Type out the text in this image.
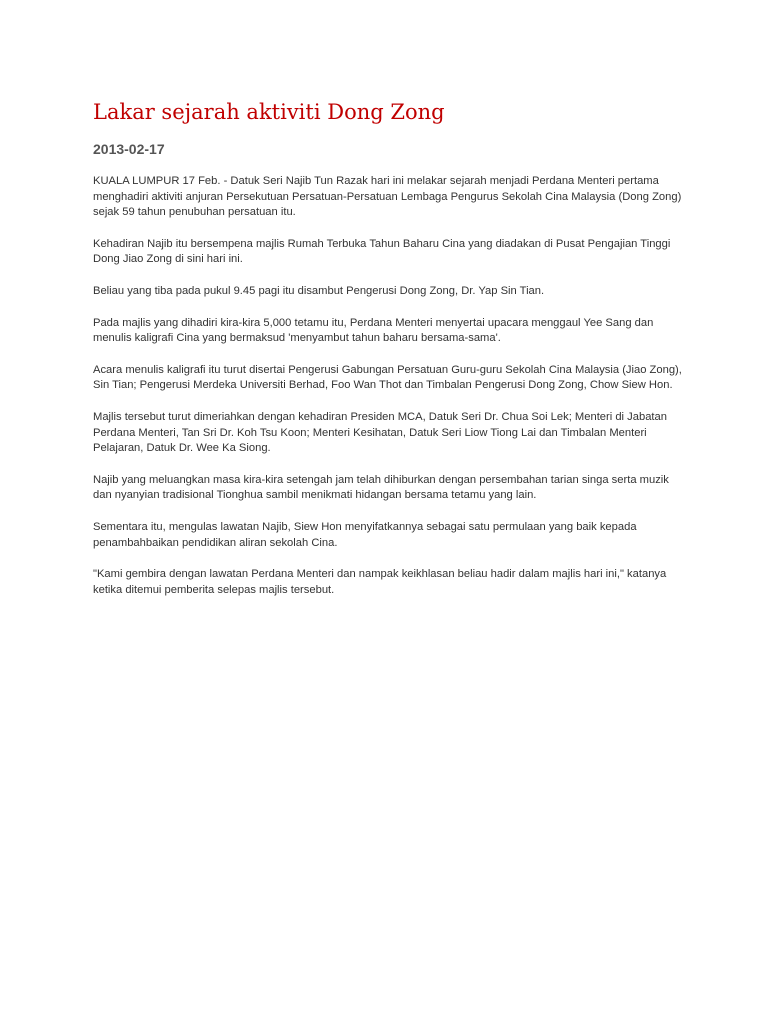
Lakar sejarah aktiviti Dong Zong
2013-02-17

KUALA LUMPUR 17 Feb. - Datuk Seri Najib Tun Razak hari ini melakar sejarah menjadi Perdana Menteri pertama menghadiri aktiviti anjuran Persekutuan Persatuan-Persatuan Lembaga Pengurus Sekolah Cina Malaysia (Dong Zong) sejak 59 tahun penubuhan persatuan itu.

Kehadiran Najib itu bersempena majlis Rumah Terbuka Tahun Baharu Cina yang diadakan di Pusat Pengajian Tinggi Dong Jiao Zong di sini hari ini.

Beliau yang tiba pada pukul 9.45 pagi itu disambut Pengerusi Dong Zong, Dr. Yap Sin Tian.

Pada majlis yang dihadiri kira-kira 5,000 tetamu itu, Perdana Menteri menyertai upacara menggaul Yee Sang dan menulis kaligrafi Cina yang bermaksud 'menyambut tahun baharu bersama-sama'.

Acara menulis kaligrafi itu turut disertai Pengerusi Gabungan Persatuan Guru-guru Sekolah Cina Malaysia (Jiao Zong), Sin Tian; Pengerusi Merdeka Universiti Berhad, Foo Wan Thot dan Timbalan Pengerusi Dong Zong, Chow Siew Hon.

Majlis tersebut turut dimeriahkan dengan kehadiran Presiden MCA, Datuk Seri Dr. Chua Soi Lek; Menteri di Jabatan Perdana Menteri, Tan Sri Dr. Koh Tsu Koon; Menteri Kesihatan, Datuk Seri Liow Tiong Lai dan Timbalan Menteri Pelajaran, Datuk Dr. Wee Ka Siong.

Najib yang meluangkan masa kira-kira setengah jam telah dihiburkan dengan persembahan tarian singa serta muzik dan nyanyian tradisional Tionghua sambil menikmati hidangan bersama tetamu yang lain.

Sementara itu, mengulas lawatan Najib, Siew Hon menyifatkannya sebagai satu permulaan yang baik kepada penambahbaikan pendidikan aliran sekolah Cina.

"Kami gembira dengan lawatan Perdana Menteri dan nampak keikhlasan beliau hadir dalam majlis hari ini," katanya ketika ditemui pemberita selepas majlis tersebut.
